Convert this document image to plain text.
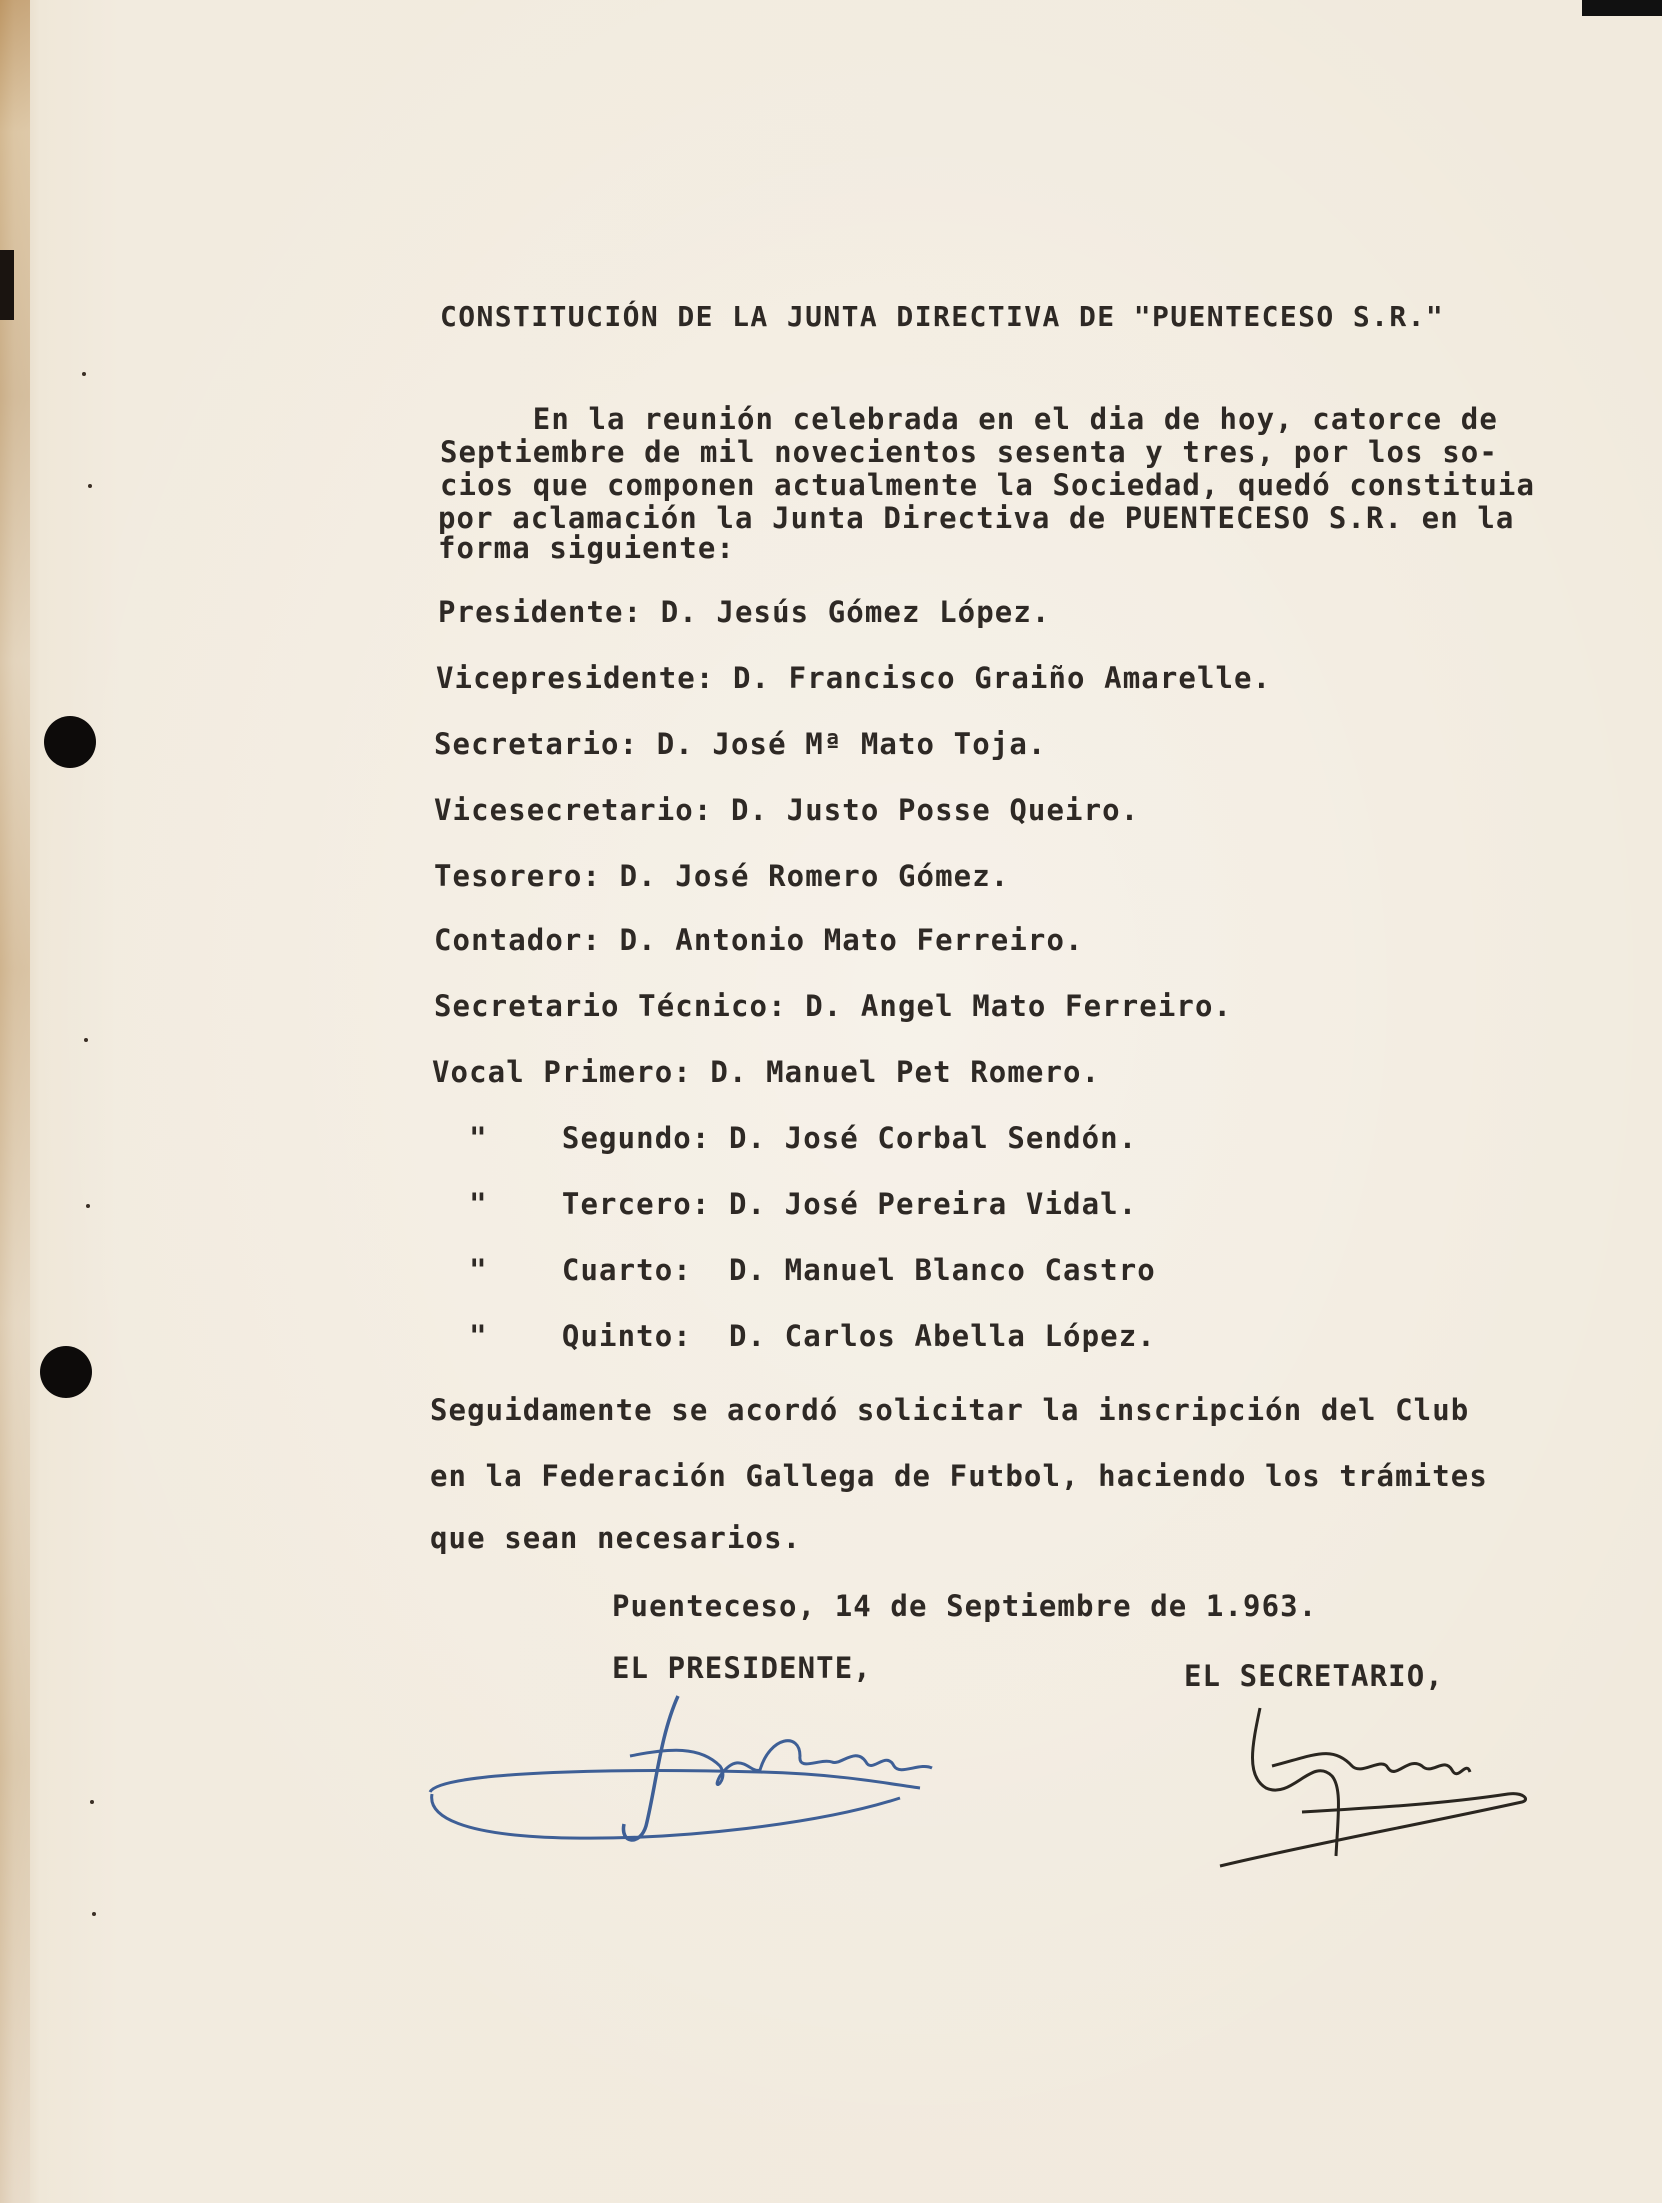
CONSTITUCIÓN DE LA JUNTA DIRECTIVA DE "PUENTECESO S.R."
En la reunión celebrada en el dia de hoy, catorce de
Septiembre de mil novecientos sesenta y tres, por los so-
cios que componen actualmente la Sociedad, quedó constituia
por aclamación la Junta Directiva de PUENTECESO S.R. en la
forma siguiente:
Presidente: D. Jesús Gómez López.
Vicepresidente: D. Francisco Graiño Amarelle.
Secretario: D. José Mª Mato Toja.
Vicesecretario: D. Justo Posse Queiro.
Tesorero: D. José Romero Gómez.
Contador: D. Antonio Mato Ferreiro.
Secretario Técnico: D. Angel Mato Ferreiro.
Vocal Primero: D. Manuel Pet Romero.
"    Segundo: D. José Corbal Sendón.
"    Tercero: D. José Pereira Vidal.
"    Cuarto:  D. Manuel Blanco Castro
"    Quinto:  D. Carlos Abella López.
Seguidamente se acordó solicitar la inscripción del Club
en la Federación Gallega de Futbol, haciendo los trámites
que sean necesarios.
Puenteceso, 14 de Septiembre de 1.963.
EL PRESIDENTE,	EL SECRETARIO,
